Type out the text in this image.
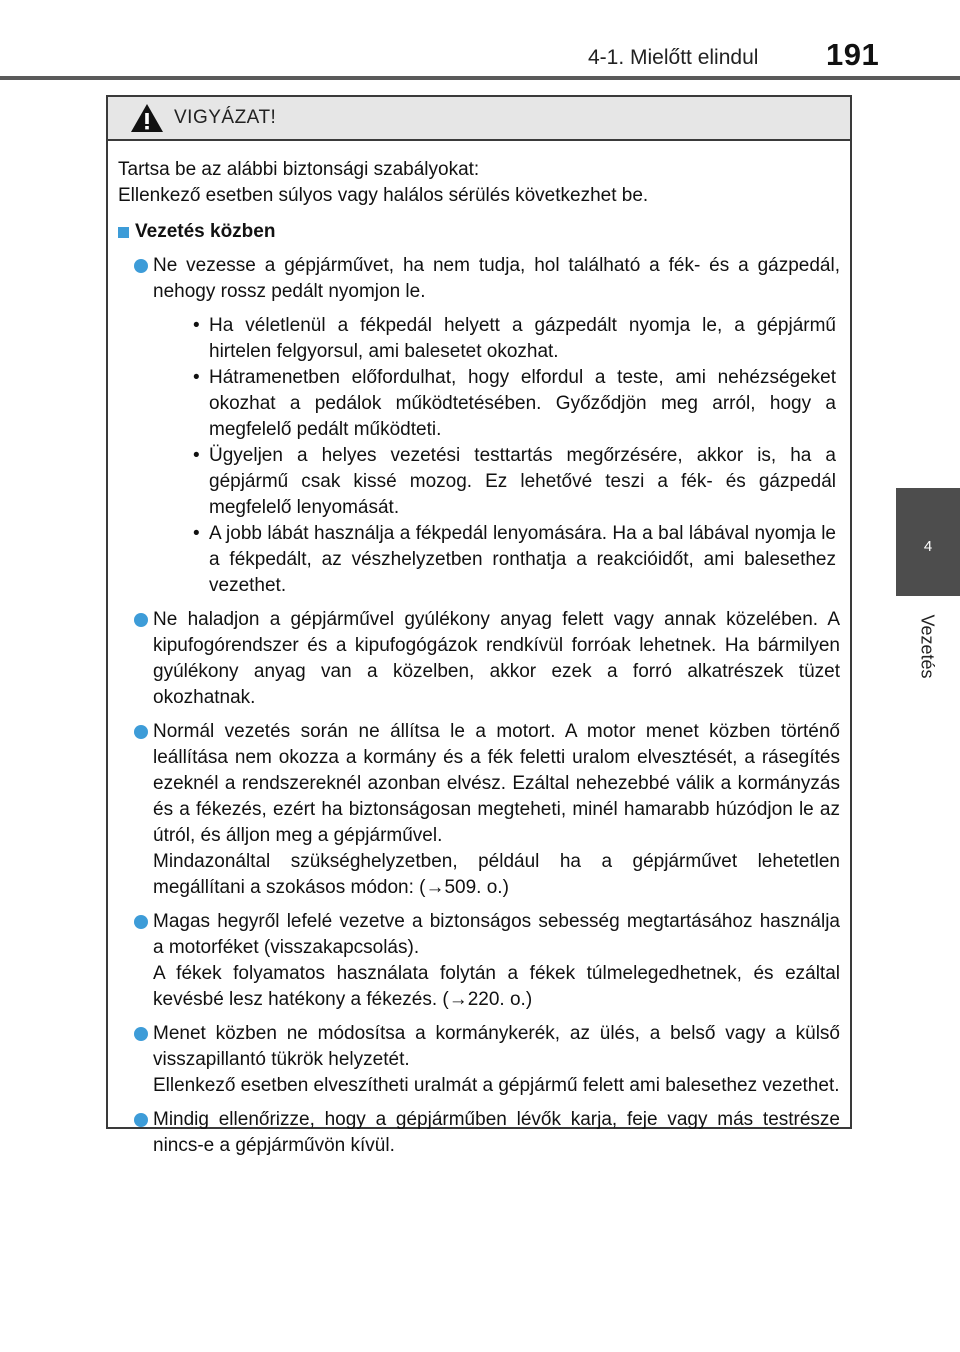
4-1. Mielőtt elindul 191
4
Vezetés
VIGYÁZAT!

Tartsa be az alábbi biztonsági szabályokat:

Ellenkező esetben súlyos vagy halálos sérülés következhet be.

Vezetés közben

Ne vezesse a gépjárművet, ha nem tudja, hol található a fék- és a gázpedál, nehogy rossz pedált nyomjon le.

• Ha véletlenül a fékpedál helyett a gázpedált nyomja le, a gépjármű hirtelen felgyorsul, ami balesetet okozhat.
• Hátramenetben előfordulhat, hogy elfordul a teste, ami nehézségeket okozhat a pedálok működtetésében. Győződjön meg arról, hogy a megfelelő pedált működteti.
• Ügyeljen a helyes vezetési testtartás megőrzésére, akkor is, ha a gépjármű csak kissé mozog. Ez lehetővé teszi a fék- és gázpedál megfelelő lenyomását.
• A jobb lábát használja a fékpedál lenyomására. Ha a bal lábával nyomja le a fékpedált, az vészhelyzetben ronthatja a reakcióidőt, ami balesethez vezethet.

Ne haladjon a gépjárművel gyúlékony anyag felett vagy annak közelében. A kipufogórendszer és a kipufogógázok rendkívül forróak lehetnek. Ha bármilyen gyúlékony anyag van a közelben, akkor ezek a forró alkatrészek tüzet okozhatnak.

Normál vezetés során ne állítsa le a motort. A motor menet közben történő leállítása nem okozza a kormány és a fék feletti uralom elvesztését, a rásegítés ezeknél a rendszereknél azonban elvész. Ezáltal nehezebbé válik a kormányzás és a fékezés, ezért ha biztonságosan megteheti, minél hamarabb húzódjon le az útról, és álljon meg a gépjárművel.

Mindazonáltal szükséghelyzetben, például ha a gépjárművet lehetetlen megállítani a szokásos módon: (→509. o.)

Magas hegyről lefelé vezetve a biztonságos sebesség megtartásához használja a motorféket (visszakapcsolás).

A fékek folyamatos használata folytán a fékek túlmelegedhetnek, és ezáltal kevésbé lesz hatékony a fékezés. (→220. o.)

Menet közben ne módosítsa a kormánykerék, az ülés, a belső vagy a külső visszapillantó tükrök helyzetét.

Ellenkező esetben elveszítheti uralmát a gépjármű felett ami balesethez vezethet.

Mindig ellenőrizze, hogy a gépjárműben lévők karja, feje vagy más testrésze nincs-e a gépjárművön kívül.
